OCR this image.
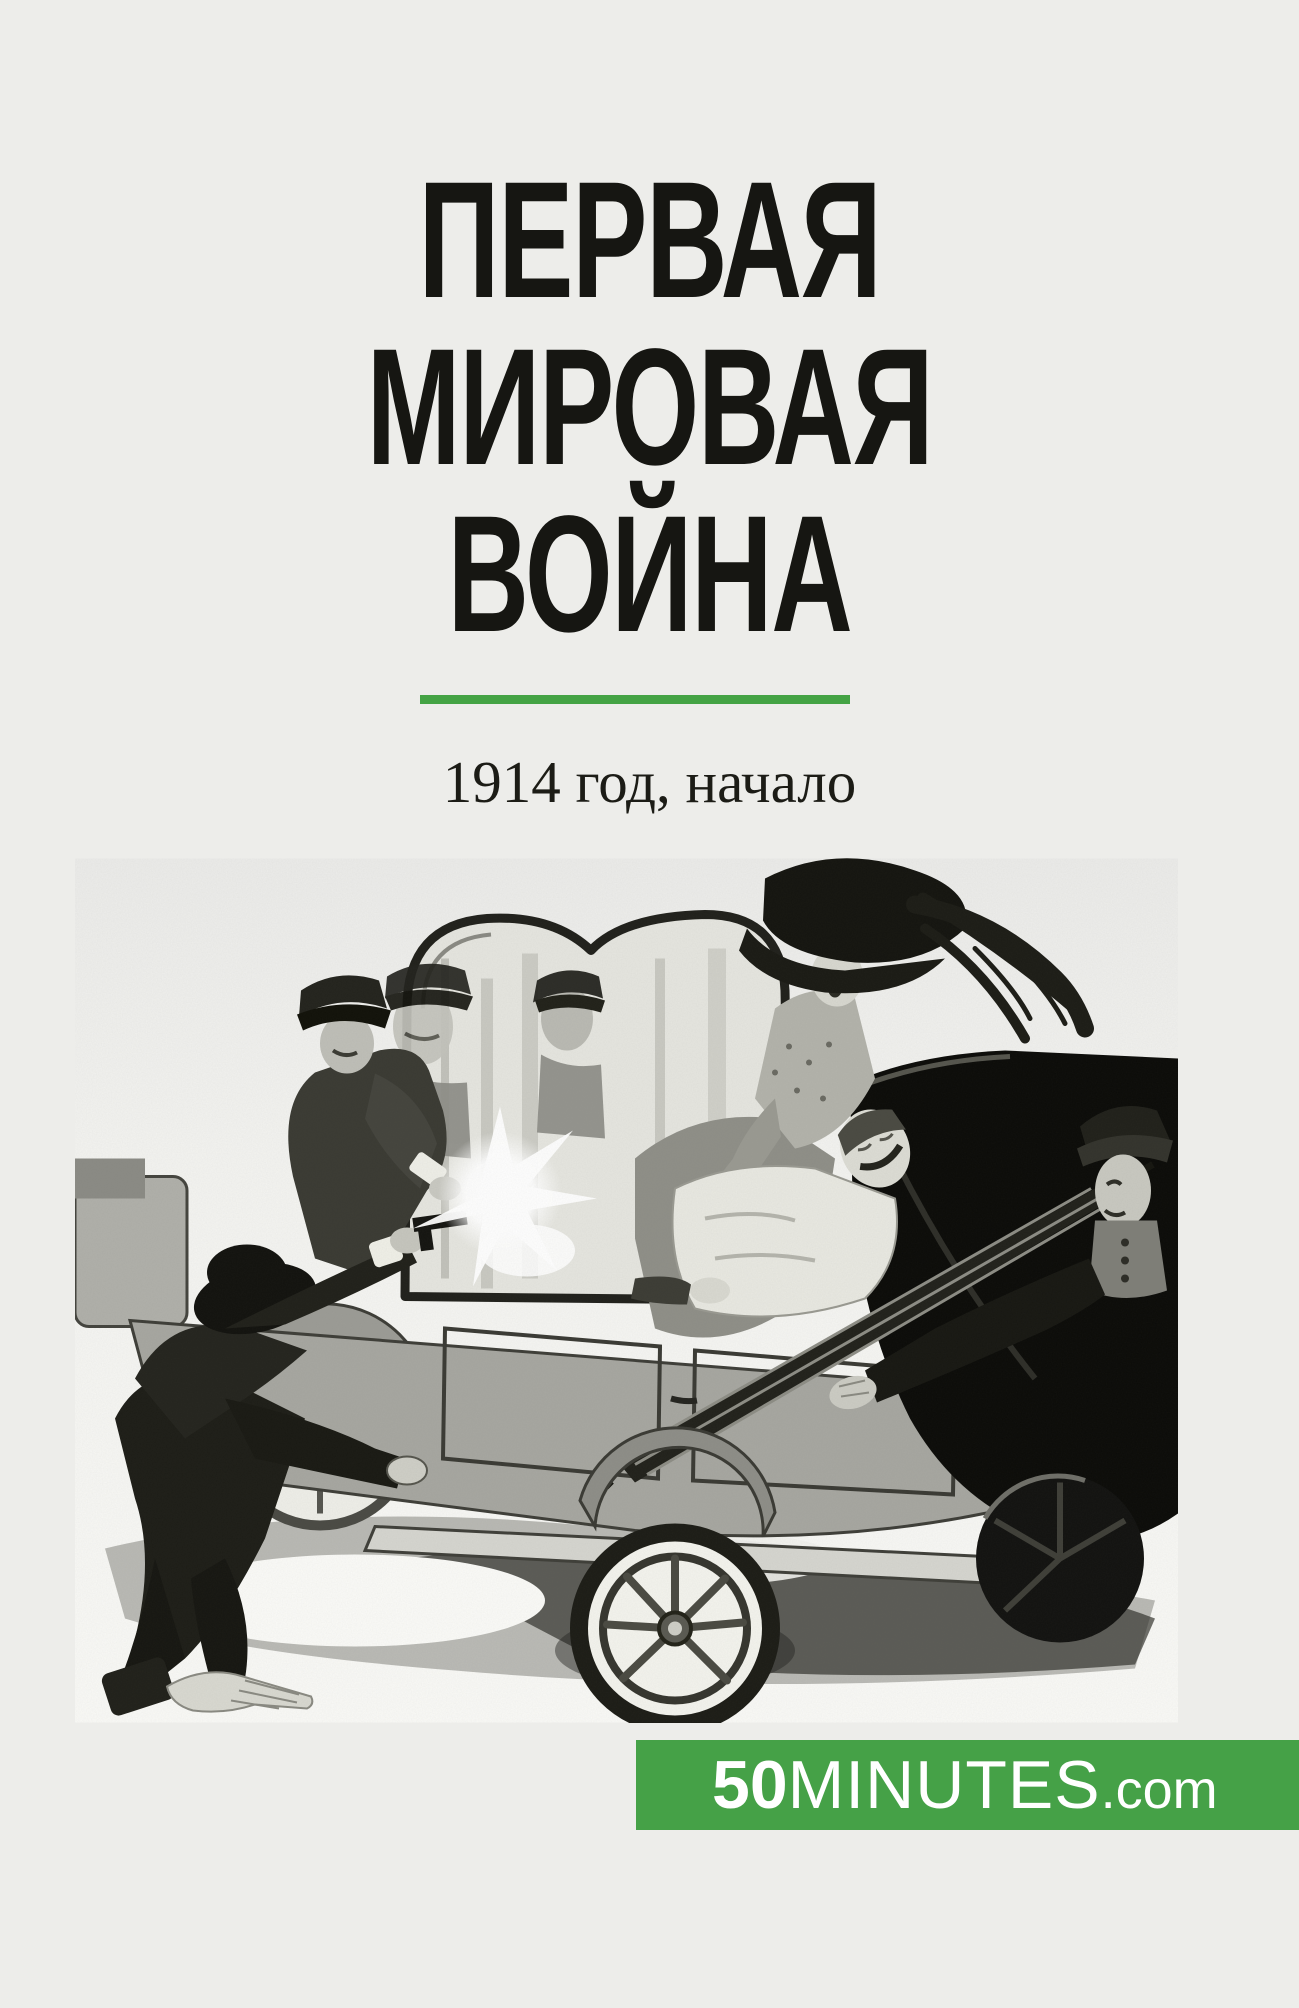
ПЕРВАЯ
МИРОВАЯ
ВОЙНА
1914 год, начало
50MINUTES.com
